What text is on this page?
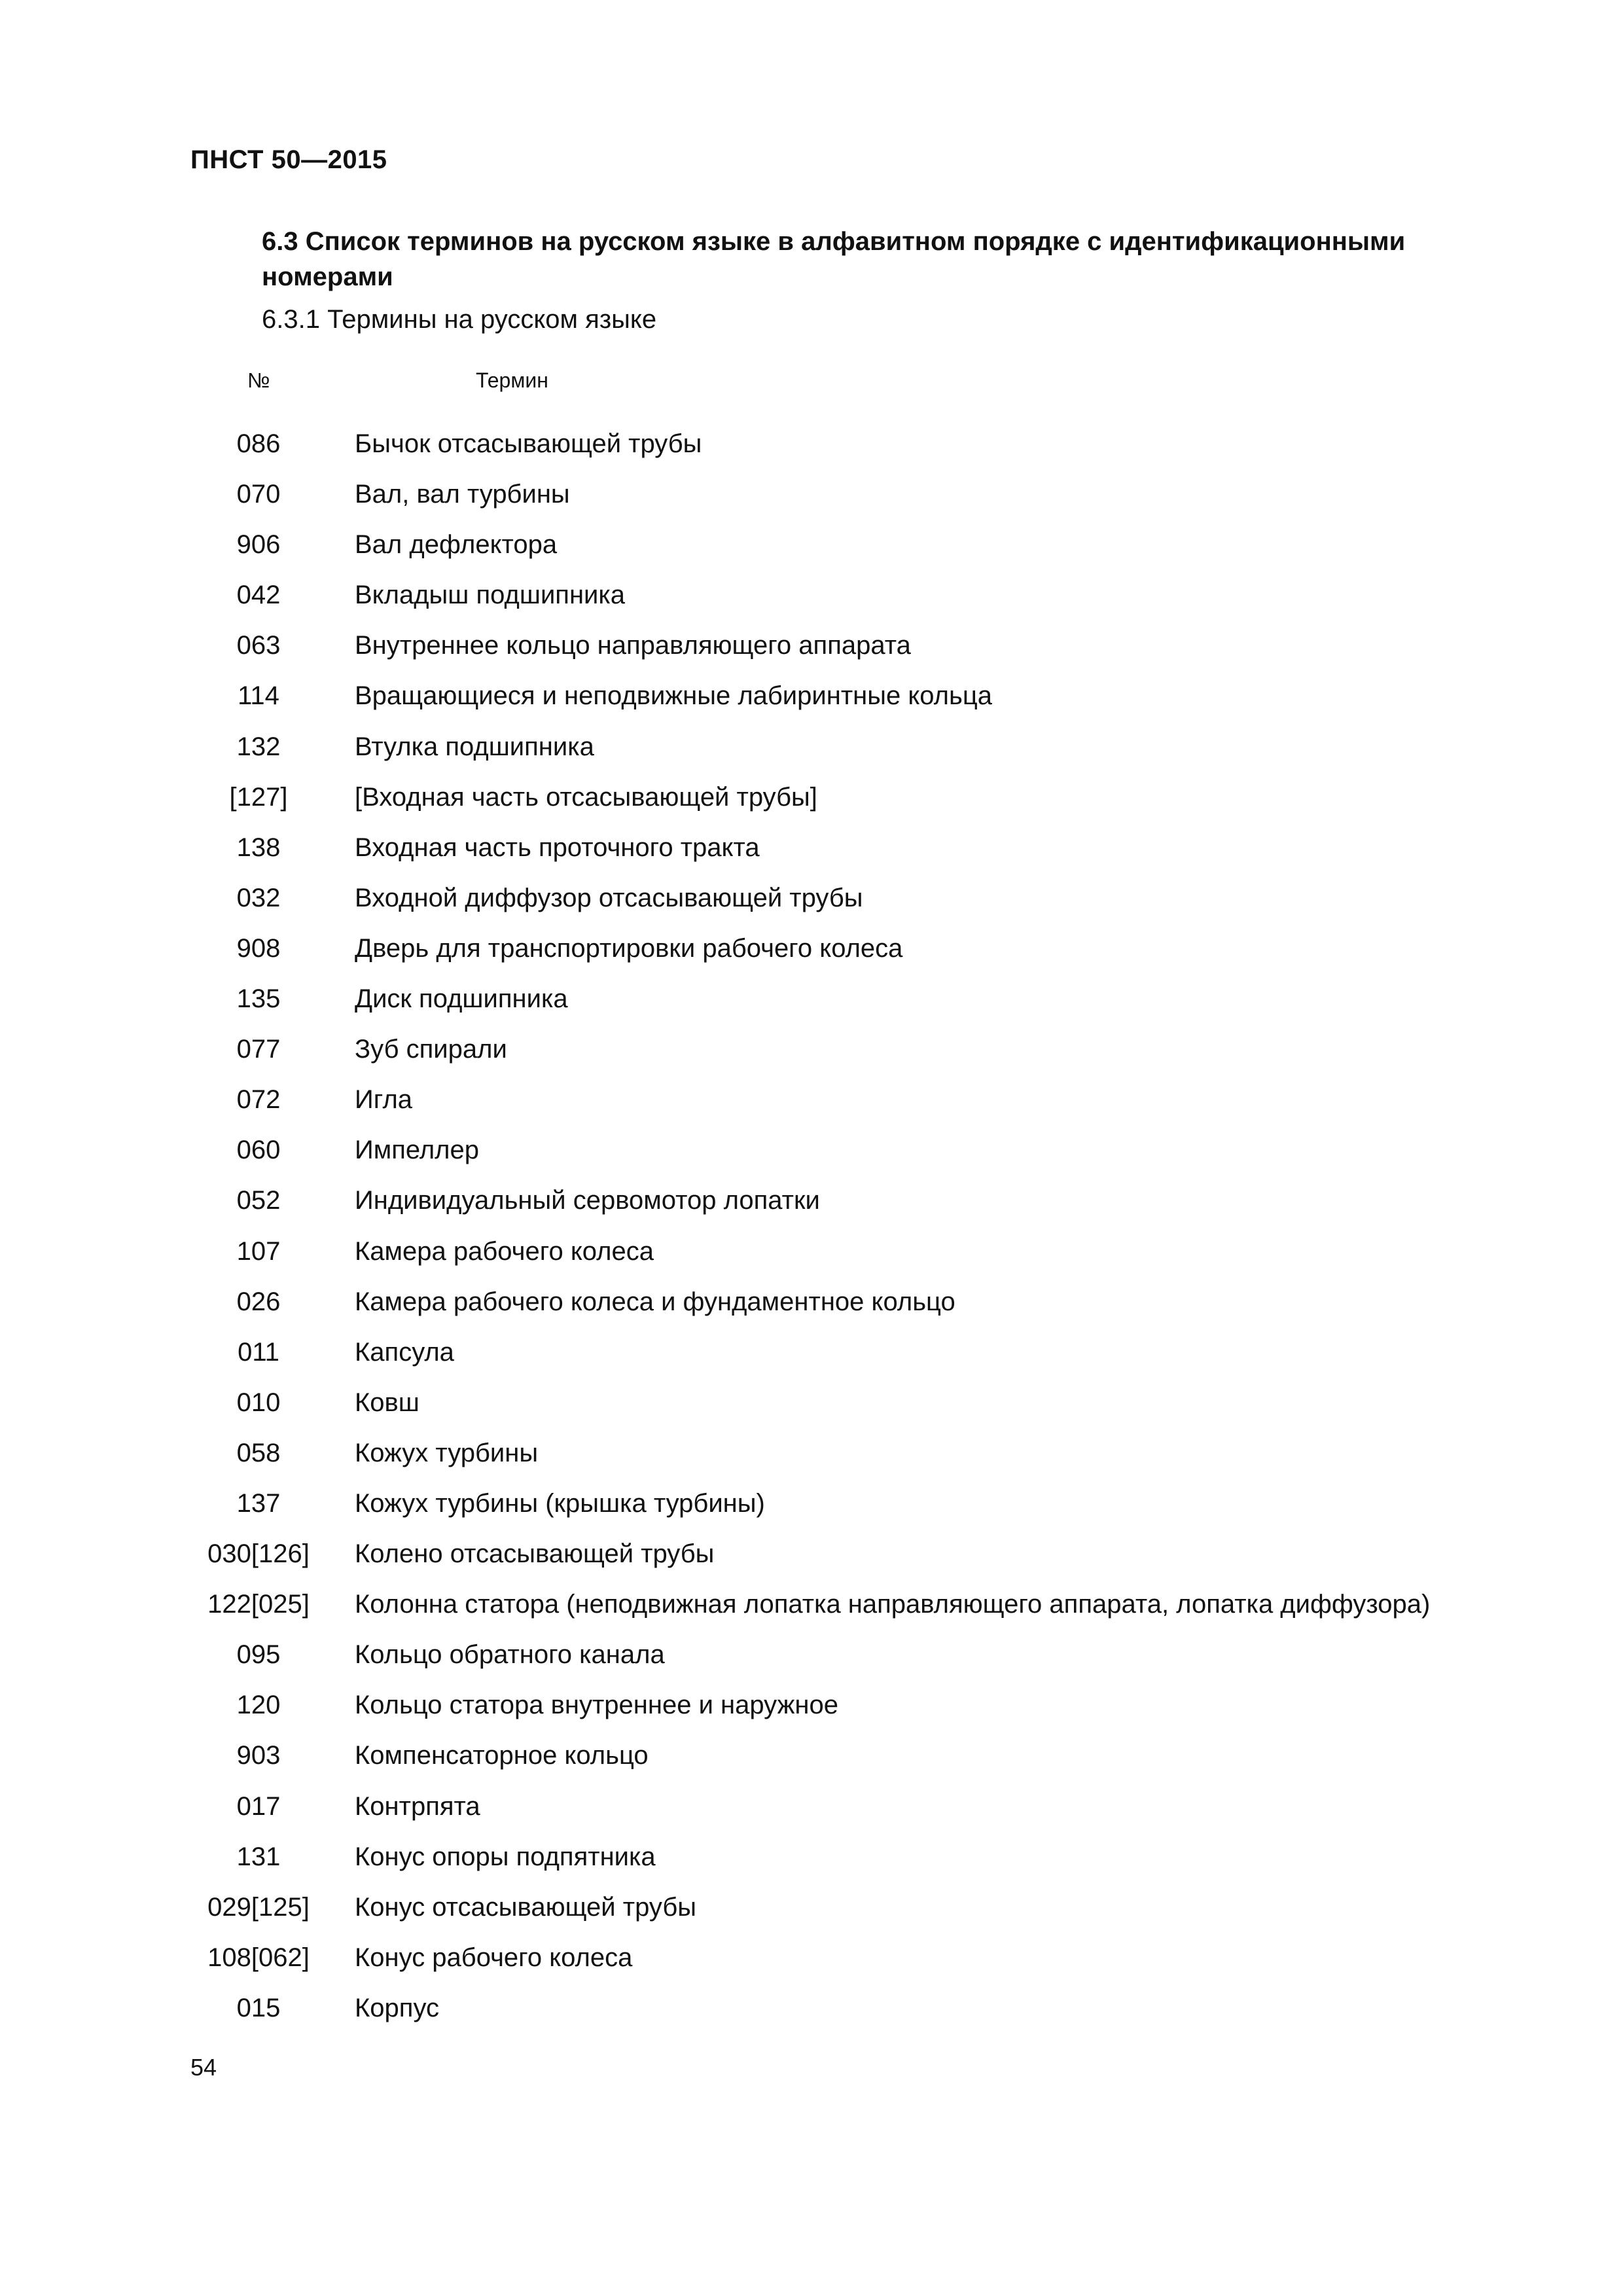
ПНСТ 50—2015
6.3 Список терминов на русском языке в алфавитном порядке с идентификационными номерами
6.3.1 Термины на русском языке
№	Термин
086	Бычок отсасывающей трубы
070	Вал, вал турбины
906	Вал дефлектора
042	Вкладыш подшипника
063	Внутреннее кольцо направляющего аппарата
114	Вращающиеся и неподвижные лабиринтные кольца
132	Втулка подшипника
[127]	[Входная часть отсасывающей трубы]
138	Входная часть проточного тракта
032	Входной диффузор отсасывающей трубы
908	Дверь для транспортировки рабочего колеса
135	Диск подшипника
077	Зуб спирали
072	Игла
060	Импеллер
052	Индивидуальный сервомотор лопатки
107	Камера рабочего колеса
026	Камера рабочего колеса и фундаментное кольцо
011	Капсула
010	Ковш
058	Кожух турбины
137	Кожух турбины (крышка турбины)
030[126]	Колено отсасывающей трубы
122[025]	Колонна статора (неподвижная лопатка направляющего аппарата, лопатка диффузора)
095	Кольцо обратного канала
120	Кольцо статора внутреннее и наружное
903	Компенсаторное кольцо
017	Контрпята
131	Конус опоры подпятника
029[125]	Конус отсасывающей трубы
108[062]	Конус рабочего колеса
015	Корпус
54
